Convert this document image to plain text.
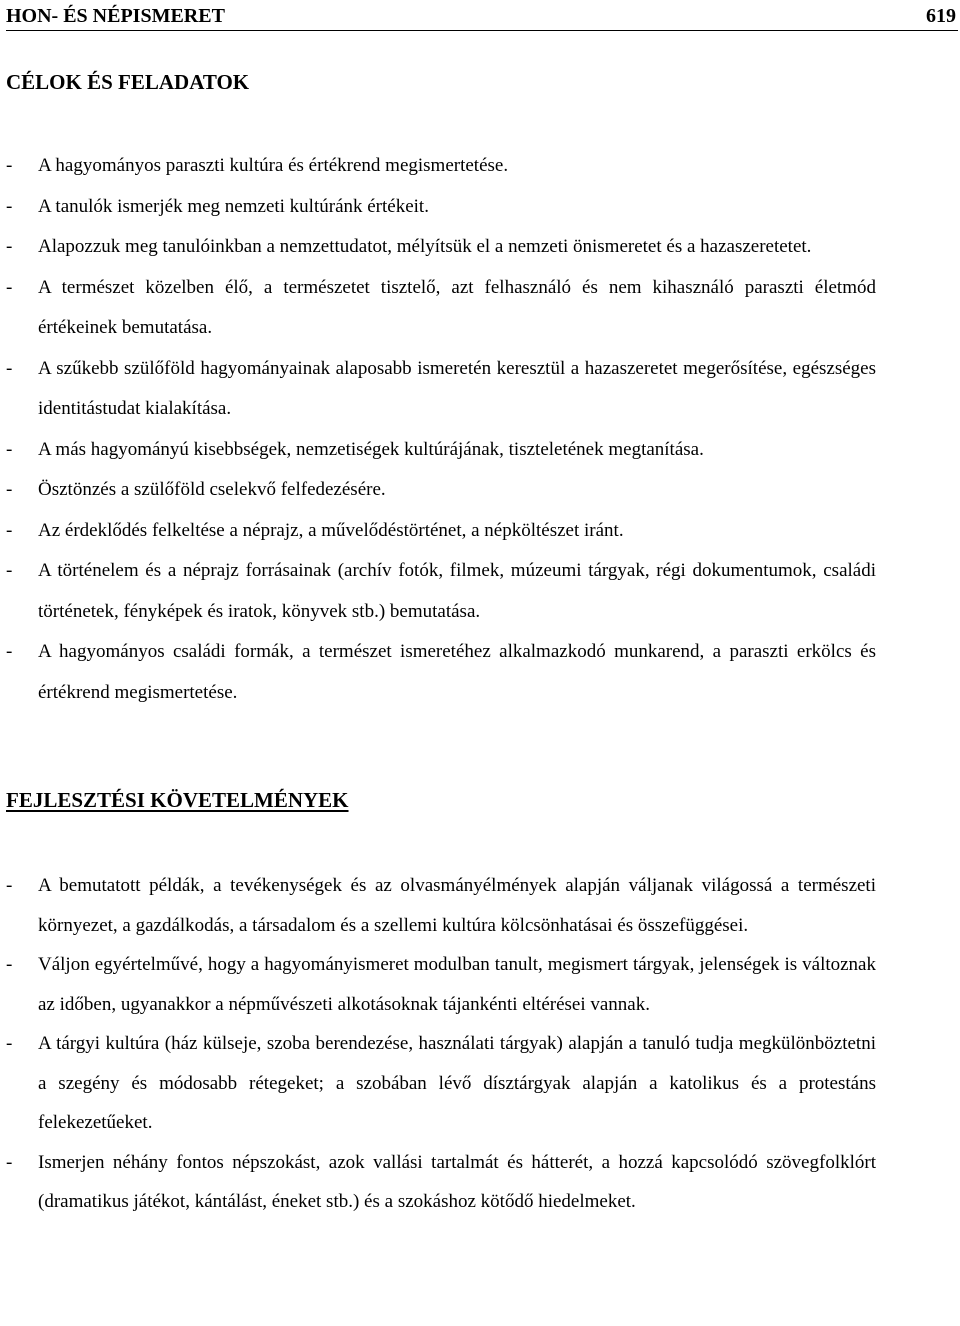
HON- ÉS NÉPISMERET	619
CÉLOK ÉS FELADATOK
- A hagyományos paraszti kultúra és értékrend megismertetése.
- A tanulók ismerjék meg nemzeti kultúránk értékeit.
- Alapozzuk meg tanulóinkban a nemzettudatot, mélyítsük el a nemzeti önismeretet és a hazaszeretetet.
- A természet közelben élő, a természetet tisztelő, azt felhasználó és nem kihasználó paraszti életmód értékeinek bemutatása.
- A szűkebb szülőföld hagyományainak alaposabb ismeretén keresztül a hazaszeretet megerősítése, egészséges identitástudat kialakítása.
- A más hagyományú kisebbségek, nemzetiségek kultúrájának, tiszteletének megtanítása.
- Ösztönzés a szülőföld cselekvő felfedezésére.
- Az érdeklődés felkeltése a néprajz, a művelődéstörténet, a népköltészet iránt.
- A történelem és a néprajz forrásainak (archív fotók, filmek, múzeumi tárgyak, régi dokumentumok, családi történetek, fényképek és iratok, könyvek stb.) bemutatása.
- A hagyományos családi formák, a természet ismeretéhez alkalmazkodó munkarend, a paraszti erkölcs és értékrend megismertetése.
FEJLESZTÉSI KÖVETELMÉNYEK
- A bemutatott példák, a tevékenységek és az olvasmányélmények alapján váljanak világossá a természeti környezet, a gazdálkodás, a társadalom és a szellemi kultúra kölcsönhatásai és összefüggései.
- Váljon egyértelművé, hogy a hagyományismeret modulban tanult, megismert tárgyak, jelenségek is változnak az időben, ugyanakkor a népművészeti alkotásoknak tájankénti eltérései vannak.
- A tárgyi kultúra (ház külseje, szoba berendezése, használati tárgyak) alapján a tanuló tudja megkülönböztetni a szegény és módosabb rétegeket; a szobában lévő dísztárgyak alapján a katolikus és a protestáns felekezetűeket.
- Ismerjen néhány fontos népszokást, azok vallási tartalmát és hátterét, a hozzá kapcsolódó szövegfolklórt (dramatikus játékot, kántálást, éneket stb.) és a szokáshoz kötődő hiedelmeket.
